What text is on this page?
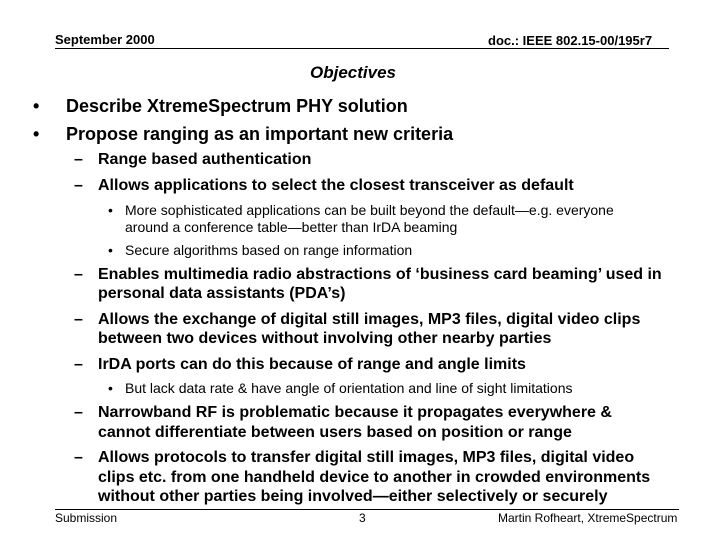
September 2000	doc.: IEEE 802.15-00/195r7
Objectives
• Describe XtremeSpectrum PHY solution
• Propose ranging as an important new criteria
– Range based authentication
– Allows applications to select the closest transceiver as default
• More sophisticated applications can be built beyond the default—e.g. everyone
around a conference table—better than IrDA beaming
• Secure algorithms based on range information
– Enables multimedia radio abstractions of ‘business card beaming’ used in
personal data assistants (PDA’s)
– Allows the exchange of digital still images, MP3 files, digital video clips
between two devices without involving other nearby parties
– IrDA ports can do this because of range and angle limits
• But lack data rate & have angle of orientation and line of sight limitations
– Narrowband RF is problematic because it propagates everywhere &
cannot differentiate between users based on position or range
– Allows protocols to transfer digital still images, MP3 files, digital video
clips etc. from one handheld device to another in crowded environments
without other parties being involved—either selectively or securely
Submission	3	Martin Rofheart, XtremeSpectrum
